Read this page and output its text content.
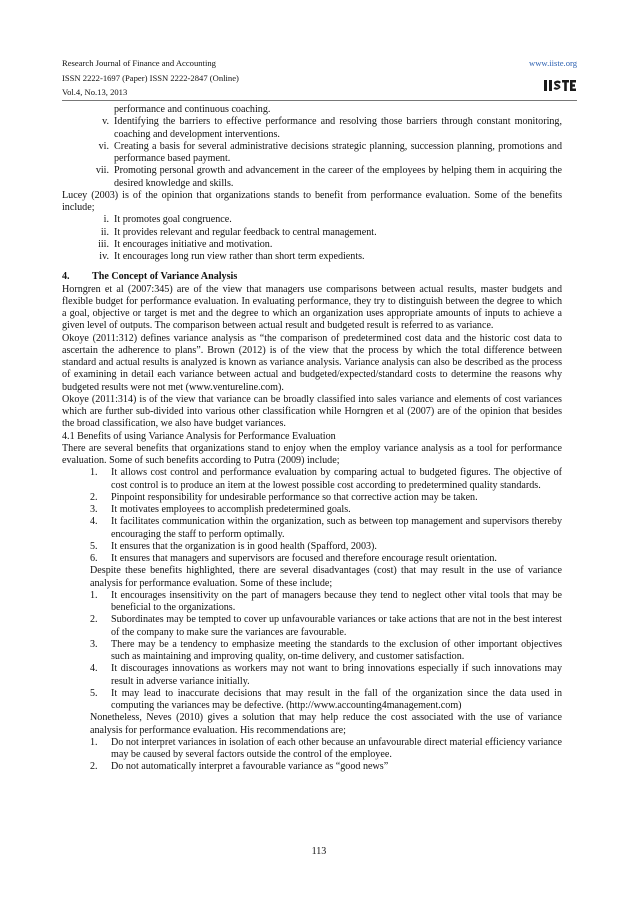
Research Journal of Finance and Accounting
ISSN 2222-1697 (Paper) ISSN 2222-2847 (Online)
Vol.4, No.13, 2013
www.iiste.org
performance and continuous coaching.
v. Identifying the barriers to effective performance and resolving those barriers through constant monitoring, coaching and development interventions.
vi. Creating a basis for several administrative decisions strategic planning, succession planning, promotions and performance based payment.
vii. Promoting personal growth and advancement in the career of the employees by helping them in acquiring the desired knowledge and skills.

Lucey (2003) is of the opinion that organizations stands to benefit from performance evaluation. Some of the benefits include;

i. It promotes goal congruence.
ii. It provides relevant and regular feedback to central management.
iii. It encourages initiative and motivation.
iv. It encourages long run view rather than short term expedients.

4. The Concept of Variance Analysis

Horngren et al (2007:345) are of the view that managers use comparisons between actual results, master budgets and flexible budget for performance evaluation. In evaluating performance, they try to distinguish between the degree to which a goal, objective or target is met and the degree to which an organization uses appropriate amounts of inputs to achieve a given level of outputs. The comparison between actual result and budgeted result is referred to as variance.

Okoye (2011:312) defines variance analysis as “the comparison of predetermined cost data and the historic cost data to ascertain the adherence to plans”. Brown (2012) is of the view that the process by which the total difference between standard and actual results is analyzed is known as variance analysis. Variance analysis can also be described as the process of examining in detail each variance between actual and budgeted/expected/standard costs to determine the reasons why budgeted results were not met (www.ventureline.com).

Okoye (2011:314) is of the view that variance can be broadly classified into sales variance and elements of cost variances which are further sub-divided into various other classification while Horngren et al (2007) are of the opinion that besides the broad classification, we also have budget variances.

4.1 Benefits of using Variance Analysis for Performance Evaluation

There are several benefits that organizations stand to enjoy when the employ variance analysis as a tool for performance evaluation. Some of such benefits according to Putra (2009) include;

1. It allows cost control and performance evaluation by comparing actual to budgeted figures. The objective of cost control is to produce an item at the lowest possible cost according to predetermined quality standards.
2. Pinpoint responsibility for undesirable performance so that corrective action may be taken.
3. It motivates employees to accomplish predetermined goals.
4. It facilitates communication within the organization, such as between top management and supervisors thereby encouraging the staff to perform optimally.
5. It ensures that the organization is in good health (Spafford, 2003).
6. It ensures that managers and supervisors are focused and therefore encourage result orientation.

Despite these benefits highlighted, there are several disadvantages (cost) that may result in the use of variance analysis for performance evaluation. Some of these include;

1. It encourages insensitivity on the part of managers because they tend to neglect other vital tools that may be beneficial to the organizations.
2. Subordinates may be tempted to cover up unfavourable variances or take actions that are not in the best interest of the company to make sure the variances are favourable.
3. There may be a tendency to emphasize meeting the standards to the exclusion of other important objectives such as maintaining and improving quality, on-time delivery, and customer satisfaction.
4. It discourages innovations as workers may not want to bring innovations especially if such innovations may result in adverse variance initially.
5. It may lead to inaccurate decisions that may result in the fall of the organization since the data used in computing the variances may be defective. (http://www.accounting4management.com)

Nonetheless, Neves (2010) gives a solution that may help reduce the cost associated with the use of variance analysis for performance evaluation. His recommendations are;

1. Do not interpret variances in isolation of each other because an unfavourable direct material efficiency variance may be caused by several factors outside the control of the employee.
2. Do not automatically interpret a favourable variance as “good news”
113
